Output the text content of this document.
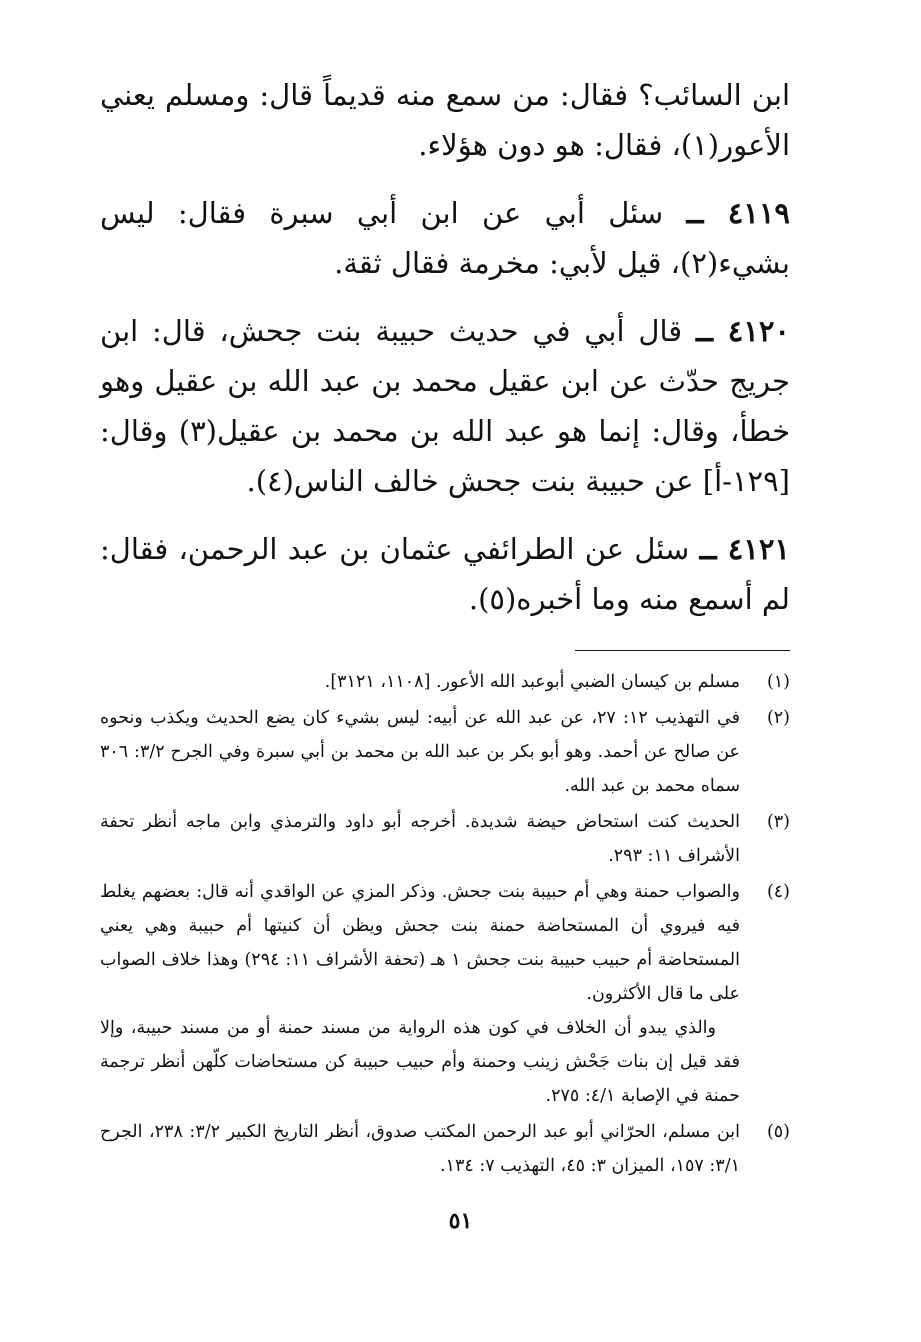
ابن السائب؟ فقال: من سمع منه قديماً قال: ومسلم يعني الأعور(١)، فقال: هو دون هؤلاء.

٤١١٩ ــ سئل أبي عن ابن أبي سبرة فقال: ليس بشيء(٢)، قيل لأبي: مخرمة فقال ثقة.

٤١٢٠ ــ قال أبي في حديث حبيبة بنت جحش، قال: ابن جريج حدّث عن ابن عقيل محمد بن عبد الله بن عقيل وهو خطأ، وقال: إنما هو عبد الله بن محمد بن عقيل(٣) وقال: [١٢٩-أ] عن حبيبة بنت جحش خالف الناس(٤).

٤١٢١ ــ سئل عن الطرائفي عثمان بن عبد الرحمن، فقال: لم أسمع منه وما أخبره(٥).

(١)
مسلم بن كيسان الضبي أبوعبد الله الأعور. [١١٠٨، ٣١٢١].
(٢)
في التهذيب ١٢: ٢٧، عن عبد الله عن أبيه: ليس بشيء كان يضع الحديث ويكذب ونحوه عن صالح عن أحمد. وهو أبو بكر بن عبد الله بن محمد بن أبي سبرة وفي الجرح ٣/٢: ٣٠٦ سماه محمد بن عبد الله.
(٣)
الحديث كنت استحاض حيضة شديدة. أخرجه أبو داود والترمذي وابن ماجه أنظر تحفة الأشراف ١١: ٢٩٣.
(٤)
والصواب حمنة وهي أم حبيبة بنت جحش. وذكر المزي عن الواقدي أنه قال: بعضهم يغلط فيه فيروي أن المستحاضة حمنة بنت جحش ويظن أن كنيتها أم حبيبة وهي يعني المستحاضة أم حبيب حبيبة بنت جحش ١ هـ (تحفة الأشراف ١١: ٢٩٤) وهذا خلاف الصواب على ما قال الأكثرون.
والذي يبدو أن الخلاف في كون هذه الرواية من مسند حمنة أو من مسند حبيبة، وإلا فقد قيل إن بنات جَحْش زينب وحمنة وأم حبيب حبيبة كن مستحاضات كلّهن أنظر ترجمة حمنة في الإصابة ٤/١: ٢٧٥.
(٥)
ابن مسلم، الحرّاني أبو عبد الرحمن المكتب صدوق، أنظر التاريخ الكبير ٣/٢: ٢٣٨، الجرح ٣/١: ١٥٧، الميزان ٣: ٤٥، التهذيب ٧: ١٣٤.
٥١
